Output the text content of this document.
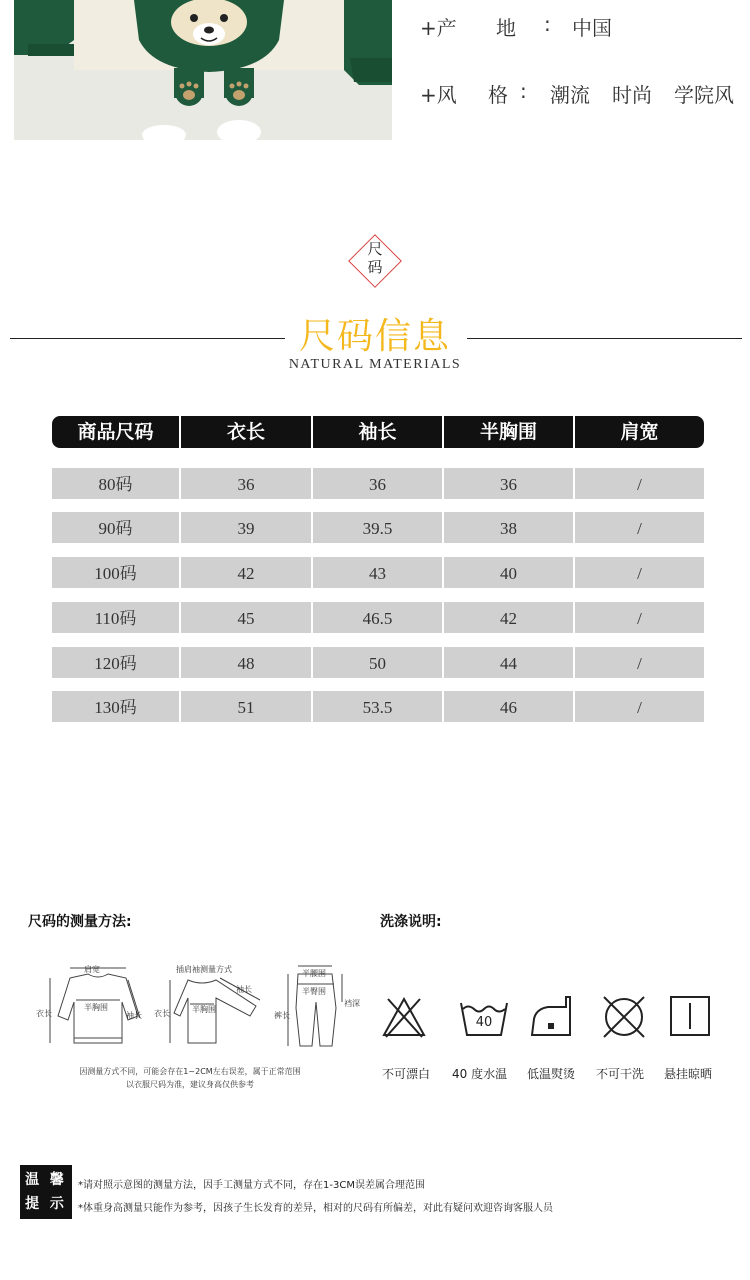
+产 地 : 中国
+风 格 : 潮流 时尚 学院风
尺
码
尺码信息
NATURAL MATERIALS
商品尺码	衣长	袖长	半胸围	肩宽
80码	36	36	36	/
90码	39	39.5	38	/
100码	42	43	40	/
110码	45	46.5	42	/
120码	48	50	44	/
130码	51	53.5	46	/
尺码的测量方法:
肩宽
衣长
半胸围
袖长
插肩袖测量方式
半胸围
衣长
袖长
半腰围
半臀围
裆深
裤长
因测量方式不同，可能会存在1~2CM左右误差，属于正常范围
以衣服尺码为准，建议身高仅供参考
洗涤说明:
40
不可漂白 40 度水温 低温熨烫 不可干洗 悬挂晾晒
温 馨
提 示
*请对照示意图的测量方法，因手工测量方式不同，存在1-3CM误差属合理范围
*体重身高测量只能作为参考，因孩子生长发育的差异，相对的尺码有所偏差，对此有疑问欢迎咨询客服人员
